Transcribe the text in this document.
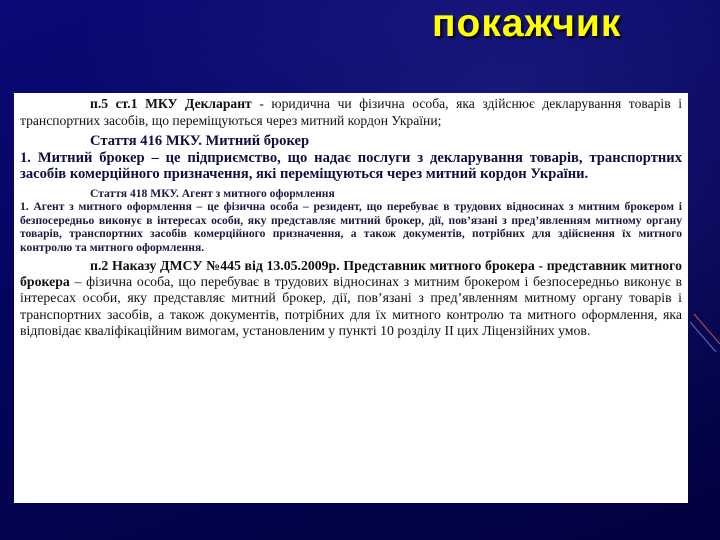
покажчик

п.5 ст.1 МКУ Декларант - юридична чи фізична особа, яка здійснює декларування товарів і транспортних засобів, що переміщуються через митний кордон України;

Стаття 416 МКУ. Митний брокер

1. Митний брокер – це підприємство, що надає послуги з декларування товарів, транспортних засобів комерційного призначення, які переміщуються через митний кордон України.

Стаття 418 МКУ. Агент з митного оформлення

1. Агент з митного оформлення – це фізична особа – резидент, що перебуває в трудових відносинах з митним брокером і безпосередньо виконує в інтересах особи, яку представляє митний брокер, дії, пов’язані з пред’явленням митному органу товарів, транспортних засобів комерційного призначення, а також документів, потрібних для здійснення їх митного контролю та митного оформлення.

п.2 Наказу ДМСУ №445 від 13.05.2009р. Представник митного брокера - представник митного брокера – фізична особа, що перебуває в трудових відносинах з митним брокером і безпосередньо виконує в інтересах особи, яку представляє митний брокер, дії, пов’язані з пред’явленням митному органу товарів і транспортних засобів, а також документів, потрібних для їх митного контролю та митного оформлення, яка відповідає кваліфікаційним вимогам, установленим у пункті 10 розділу II цих Ліцензійних умов.
